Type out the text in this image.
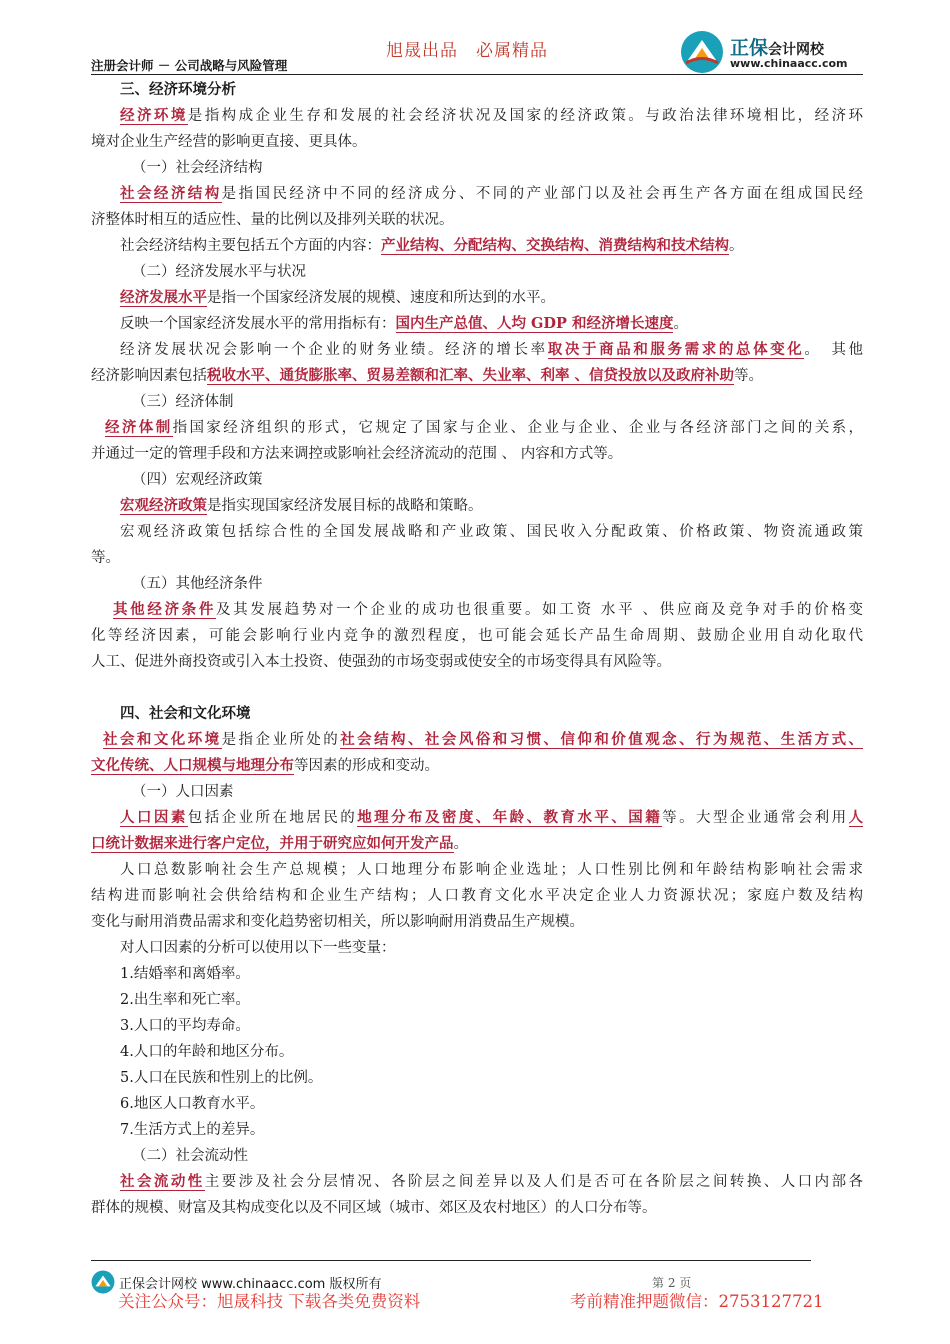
旭晟出品　必属精品	正保会计网校
www.chinaacc.com
注册会计师 － 公司战略与风险管理
三、经济环境分析
经济环境是指构成企业生存和发展的社会经济状况及国家的经济政策。与政治法律环境相比，经济环
境对企业生产经营的影响更直接、更具体。
（一）社会经济结构
社会经济结构是指国民经济中不同的经济成分、不同的产业部门以及社会再生产各方面在组成国民经
济整体时相互的适应性、量的比例以及排列关联的状况。
社会经济结构主要包括五个方面的内容：产业结构、分配结构、交换结构、消费结构和技术结构。
（二）经济发展水平与状况
经济发展水平是指一个国家经济发展的规模、速度和所达到的水平。
反映一个国家经济发展水平的常用指标有：国内生产总值、人均 GDP 和经济增长速度。
经济发展状况会影响一个企业的财务业绩。经济的增长率取决于商品和服务需求的总体变化。　其他
经济影响因素包括税收水平、通货膨胀率、贸易差额和汇率、失业率、利率 、信贷投放以及政府补助等。
（三）经济体制
经济体制指国家经济组织的形式，它规定了国家与企业、企业与企业、企业与各经济部门之间的关系，
并通过一定的管理手段和方法来调控或影响社会经济流动的范围 、 内容和方式等。
（四）宏观经济政策
宏观经济政策是指实现国家经济发展目标的战略和策略。
宏观经济政策包括综合性的全国发展战略和产业政策、国民收入分配政策、价格政策、物资流通政策
等。
（五）其他经济条件
其他经济条件及其发展趋势对一个企业的成功也很重要。如工资 水平 、供应商及竞争对手的价格变
化等经济因素，可能会影响行业内竞争的激烈程度，也可能会延长产品生命周期、鼓励企业用自动化取代
人工、促进外商投资或引入本土投资、使强劲的市场变弱或使安全的市场变得具有风险等。
四、社会和文化环境
社会和文化环境是指企业所处的社会结构、社会风俗和习惯、信仰和价值观念、行为规范、生活方式、
文化传统、人口规模与地理分布等因素的形成和变动。
（一）人口因素
人口因素包括企业所在地居民的地理分布及密度、年龄、教育水平、国籍等。大型企业通常会利用人
口统计数据来进行客户定位，并用于研究应如何开发产品。
人口总数影响社会生产总规模；人口地理分布影响企业选址；人口性别比例和年龄结构影响社会需求
结构进而影响社会供给结构和企业生产结构；人口教育文化水平决定企业人力资源状况；家庭户数及结构
变化与耐用消费品需求和变化趋势密切相关，所以影响耐用消费品生产规模。
对人口因素的分析可以使用以下一些变量：
1.结婚率和离婚率。
2.出生率和死亡率。
3.人口的平均寿命。
4.人口的年龄和地区分布。
5.人口在民族和性别上的比例。
6.地区人口教育水平。
7.生活方式上的差异。
（二）社会流动性
社会流动性主要涉及社会分层情况、各阶层之间差异以及人们是否可在各阶层之间转换、人口内部各
群体的规模、财富及其构成变化以及不同区域（城市、郊区及农村地区）的人口分布等。
正保会计网校 www.chinaacc.com 版权所有	第 2 页
关注公众号：旭晟科技 下载各类免费资料	考前精准押题微信：2753127721
